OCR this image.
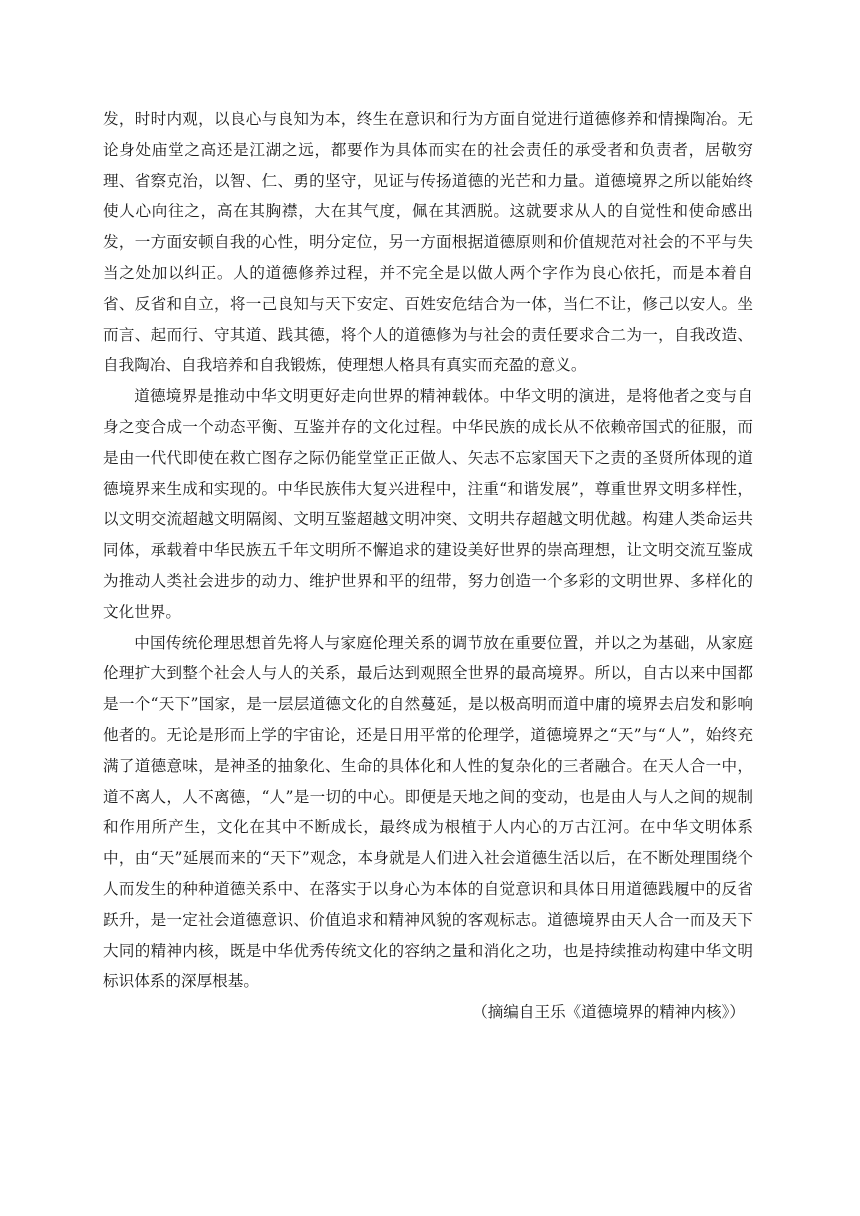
发，时时内观，以良心与良知为本，终生在意识和行为方面自觉进行道德修养和情操陶冶。无论身处庙堂之高还是江湖之远，都要作为具体而实在的社会责任的承受者和负责者，居敬穷理、省察克治，以智、仁、勇的坚守，见证与传扬道德的光芒和力量。道德境界之所以能始终使人心向往之，高在其胸襟，大在其气度，佩在其洒脱。这就要求从人的自觉性和使命感出发，一方面安顿自我的心性，明分定位，另一方面根据道德原则和价值规范对社会的不平与失当之处加以纠正。人的道德修养过程，并不完全是以做人两个字作为良心依托，而是本着自省、反省和自立，将一己良知与天下安定、百姓安危结合为一体，当仁不让，修己以安人。坐而言、起而行、守其道、践其德，将个人的道德修为与社会的责任要求合二为一，自我改造、自我陶冶、自我培养和自我锻炼，使理想人格具有真实而充盈的意义。

道德境界是推动中华文明更好走向世界的精神载体。中华文明的演进，是将他者之变与自身之变合成一个动态平衡、互鉴并存的文化过程。中华民族的成长从不依赖帝国式的征服，而是由一代代即使在救亡图存之际仍能堂堂正正做人、矢志不忘家国天下之责的圣贤所体现的道德境界来生成和实现的。中华民族伟大复兴进程中，注重“和谐发展”，尊重世界文明多样性，以文明交流超越文明隔阂、文明互鉴超越文明冲突、文明共存超越文明优越。构建人类命运共同体，承载着中华民族五千年文明所不懈追求的建设美好世界的崇高理想，让文明交流互鉴成为推动人类社会进步的动力、维护世界和平的纽带，努力创造一个多彩的文明世界、多样化的文化世界。

中国传统伦理思想首先将人与家庭伦理关系的调节放在重要位置，并以之为基础，从家庭伦理扩大到整个社会人与人的关系，最后达到观照全世界的最高境界。所以，自古以来中国都是一个“天下”国家，是一层层道德文化的自然蔓延，是以极高明而道中庸的境界去启发和影响他者的。无论是形而上学的宇宙论，还是日用平常的伦理学，道德境界之“天”与“人”，始终充满了道德意味，是神圣的抽象化、生命的具体化和人性的复杂化的三者融合。在天人合一中，道不离人，人不离德，“人”是一切的中心。即便是天地之间的变动，也是由人与人之间的规制和作用所产生，文化在其中不断成长，最终成为根植于人内心的万古江河。在中华文明体系中，由“天”延展而来的“天下”观念，本身就是人们进入社会道德生活以后，在不断处理围绕个人而发生的种种道德关系中、在落实于以身心为本体的自觉意识和具体日用道德践履中的反省跃升，是一定社会道德意识、价值追求和精神风貌的客观标志。道德境界由天人合一而及天下大同的精神内核，既是中华优秀传统文化的容纳之量和消化之功，也是持续推动构建中华文明标识体系的深厚根基。

（摘编自王乐《道德境界的精神内核》）
